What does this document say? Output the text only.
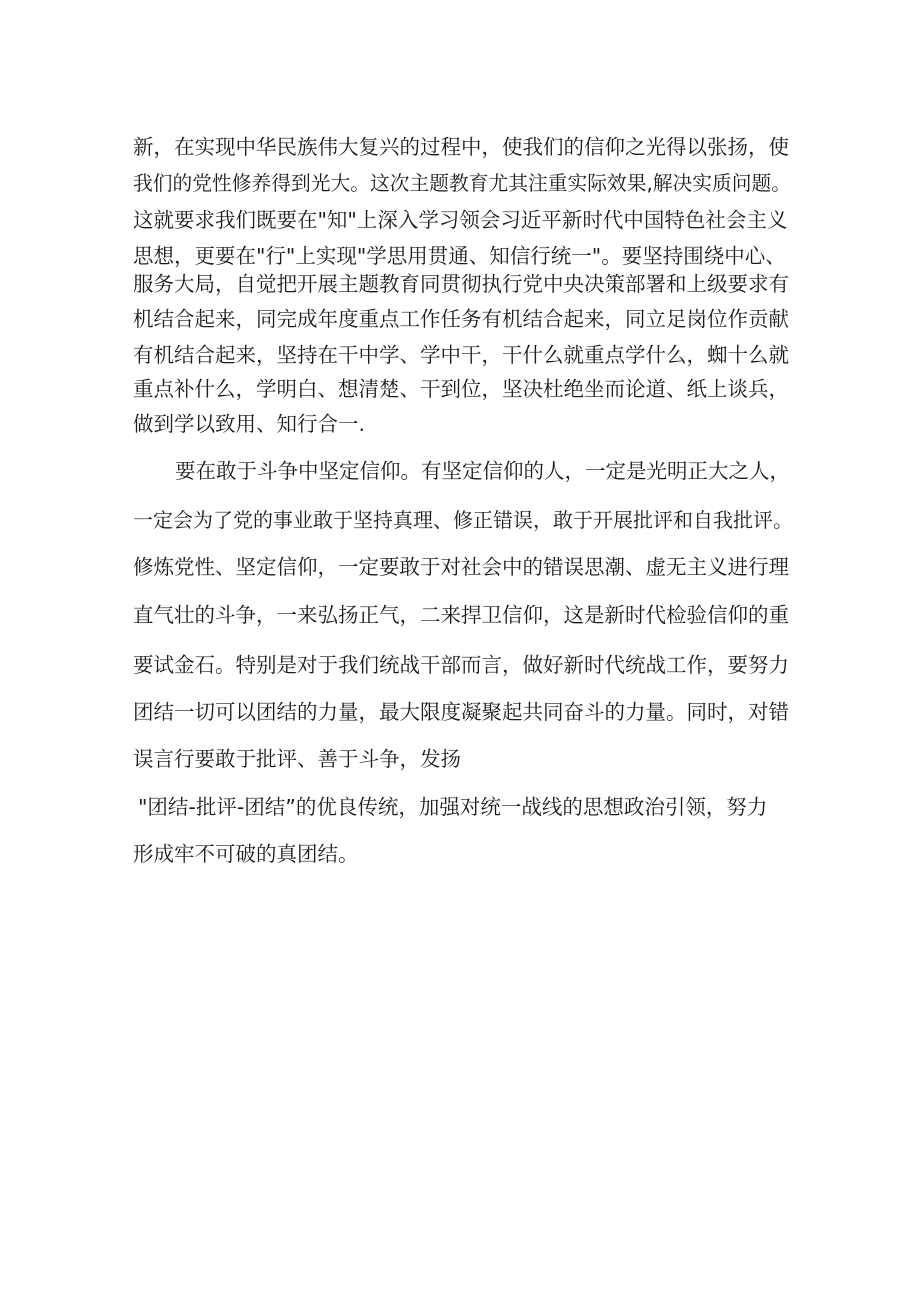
新，在实现中华民族伟大复兴的过程中，使我们的信仰之光得以张扬，使
我们的党性修养得到光大。这次主题教育尤其注重实际效果,解决实质问题。
这就要求我们既要在"知"上深入学习领会习近平新时代中国特色社会主义
思想，更要在"行"上实现"学思用贯通、知信行统一"。要坚持围绕中心、
服务大局，自觉把开展主题教育同贯彻执行党中央决策部署和上级要求有
机结合起来，同完成年度重点工作任务有机结合起来，同立足岗位作贡献
有机结合起来，坚持在干中学、学中干，干什么就重点学什么，蜘十么就
重点补什么，学明白、想清楚、干到位，坚决杜绝坐而论道、纸上谈兵，
做到学以致用、知行合一.
要在敢于斗争中坚定信仰。有坚定信仰的人，一定是光明正大之人，
一定会为了党的事业敢于坚持真理、修正错误，敢于开展批评和自我批评。
修炼党性、坚定信仰，一定要敢于对社会中的错误思潮、虚无主义进行理
直气壮的斗争，一来弘扬正气，二来捍卫信仰，这是新时代检验信仰的重
要试金石。特别是对于我们统战干部而言，做好新时代统战工作，要努力
团结一切可以团结的力量，最大限度凝聚起共同奋斗的力量。同时，对错
误言行要敢于批评、善于斗争，发扬
"团结-批评-团结”的优良传统，加强对统一战线的思想政治引领，努力
形成牢不可破的真团结。
